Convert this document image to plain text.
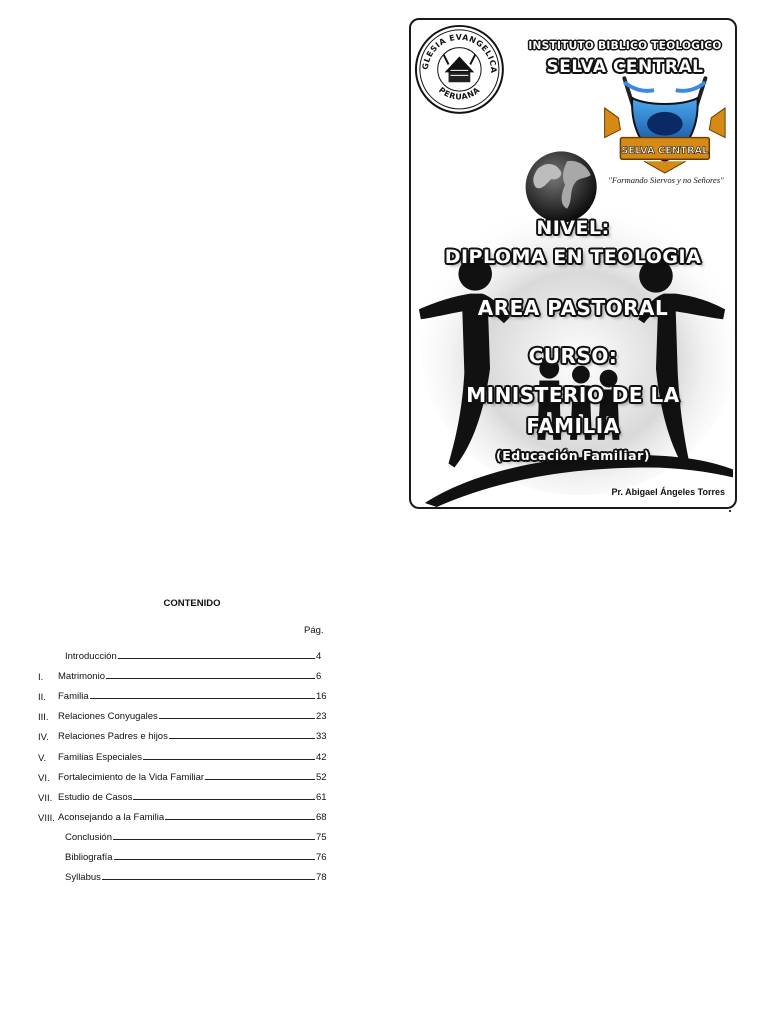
GLESIA EVANGELICA
PERUANA
SELVA CENTRAL
INSTITUTO BIBLICO TEOLOGICO
SELVA CENTRAL
"Formando Siervos y no Señores"
NIVEL:
DIPLOMA EN TEOLOGIA
AREA PASTORAL
CURSO:
MINISTERIO DE LA
FAMILIA
(Educación Familiar)
Pr. Abigael Ángeles Torres
CONTENIDO
Pág.
Introducción	4
I.	Matrimonio	6
II.	Familia	16
III. Relaciones Conyugales	23
IV. Relaciones Padres e hijos	33
V.	Familias Especiales	42
VI. Fortalecimiento de la Vida Familiar	52
VII. Estudio de Casos	61
VIII. Aconsejando a la Familia	68
Conclusión	75
Bibliografía	76
Syllabus	78
